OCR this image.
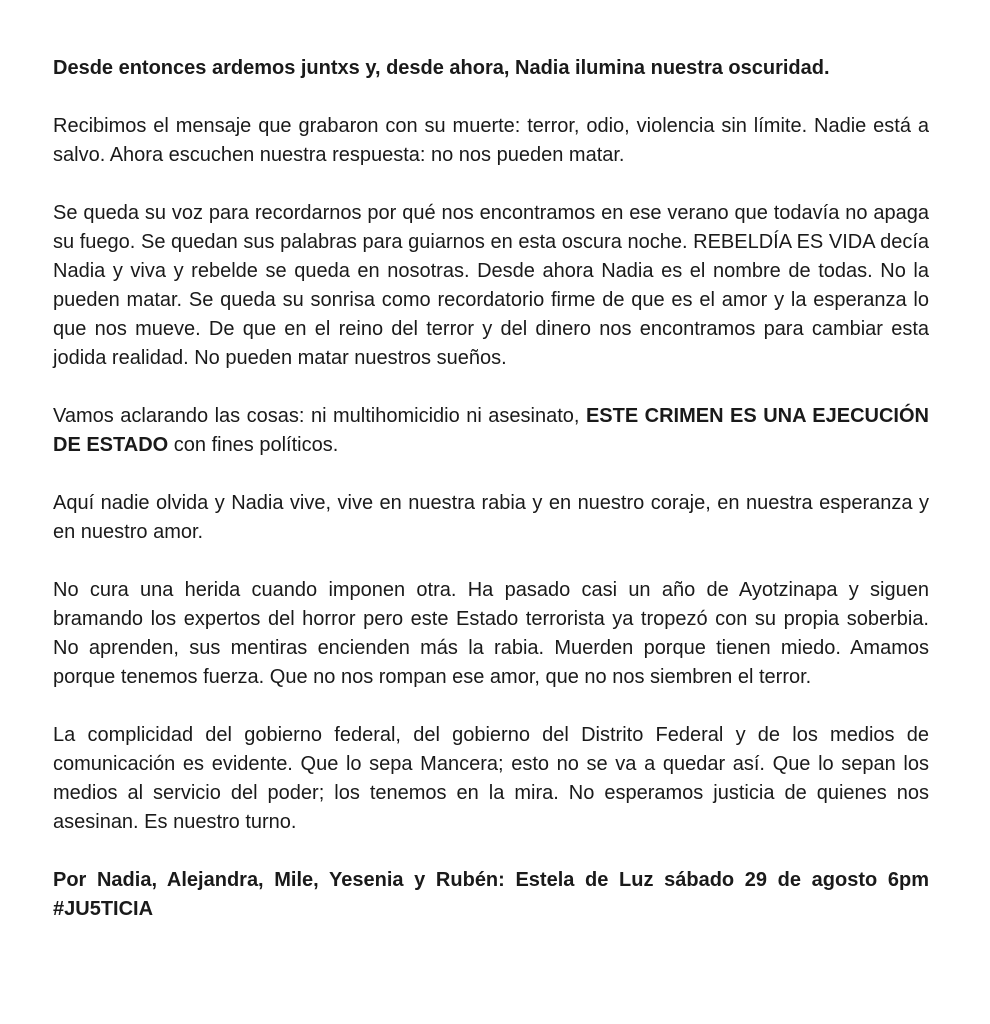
Desde entonces ardemos juntxs y, desde ahora, Nadia ilumina nuestra oscuridad.

Recibimos el mensaje que grabaron con su muerte: terror, odio, violencia sin límite. Nadie está a salvo. Ahora escuchen nuestra respuesta: no nos pueden matar.

Se queda su voz para recordarnos por qué nos encontramos en ese verano que todavía no apaga su fuego. Se quedan sus palabras para guiarnos en esta oscura noche. REBELDÍA ES VIDA decía Nadia y viva y rebelde se queda en nosotras. Desde ahora Nadia es el nombre de todas. No la pueden matar. Se queda su sonrisa como recordatorio firme de que es el amor y la esperanza lo que nos mueve. De que en el reino del terror y del dinero nos encontramos para cambiar esta jodida realidad. No pueden matar nuestros sueños.

Vamos aclarando las cosas: ni multihomicidio ni asesinato, ESTE CRIMEN ES UNA EJECUCIÓN DE ESTADO con fines políticos.

Aquí nadie olvida y Nadia vive, vive en nuestra rabia y en nuestro coraje, en nuestra esperanza y en nuestro amor.

No cura una herida cuando imponen otra. Ha pasado casi un año de Ayotzinapa y siguen bramando los expertos del horror pero este Estado terrorista ya tropezó con su propia soberbia. No aprenden, sus mentiras encienden más la rabia. Muerden porque tienen miedo. Amamos porque tenemos fuerza. Que no nos rompan ese amor, que no nos siembren el terror.

La complicidad del gobierno federal, del gobierno del Distrito Federal y de los medios de comunicación es evidente. Que lo sepa Mancera; esto no se va a quedar así. Que lo sepan los medios al servicio del poder; los tenemos en la mira. No esperamos justicia de quienes nos asesinan. Es nuestro turno.

Por Nadia, Alejandra, Mile, Yesenia y Rubén: Estela de Luz sábado 29 de agosto 6pm
#JU5TICIA
